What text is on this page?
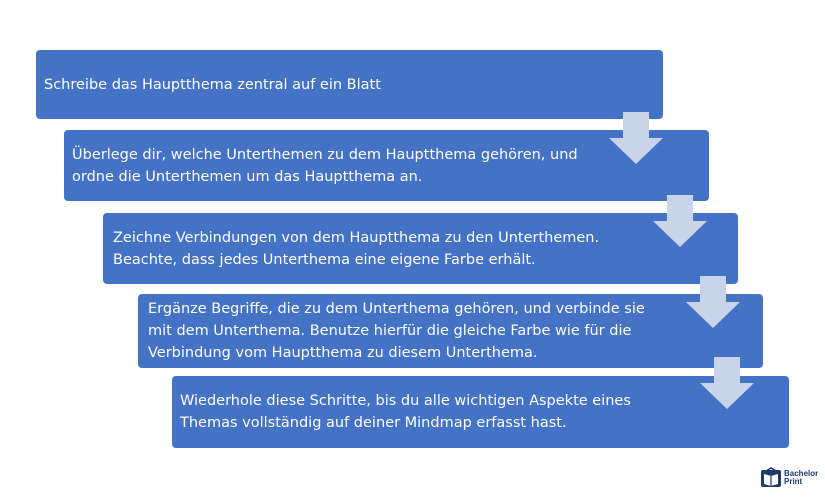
Schreibe das Hauptthema zentral auf ein Blatt
Überlege dir, welche Unterthemen zu dem Hauptthema gehören, und
ordne die Unterthemen um das Hauptthema an.
Zeichne Verbindungen von dem Hauptthema zu den Unterthemen.
Beachte, dass jedes Unterthema eine eigene Farbe erhält.
Ergänze Begriffe, die zu dem Unterthema gehören, und verbinde sie
mit dem Unterthema. Benutze hierfür die gleiche Farbe wie für die
Verbindung vom Hauptthema zu diesem Unterthema.
Wiederhole diese Schritte, bis du alle wichtigen Aspekte eines
Themas vollständig auf deiner Mindmap erfasst hast.
Bachelor
Print
